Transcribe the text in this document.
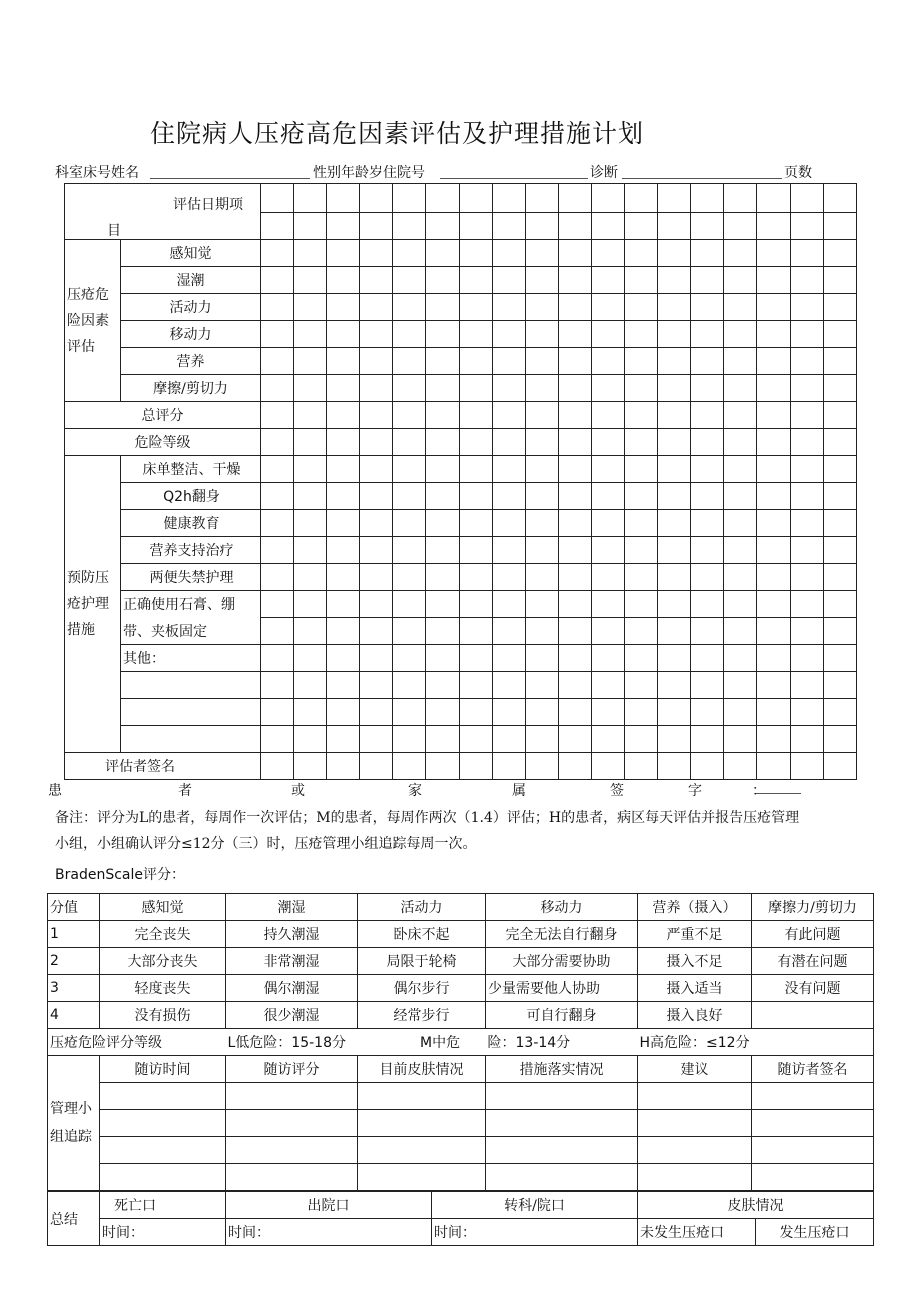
住院病人压疮高危因素评估及护理措施计划
科室床号姓名	性别年龄岁住院号	诊断	页数
评估日期项
目																			

压疮危险因素评估	感知觉																		
	湿潮																		
	活动力																		
	移动力																		
	营养																		
	摩擦/剪切力																		
总评分																			
危险等级																			
预防压疮护理措施	床单整洁、干燥																		
	Q2h翻身																		
	健康教育																		
	营养支持治疗																		
	两便失禁护理																		
	正确使用石膏、绷																		
	带、夹板固定																		
	其他：																		

评估者签名																			
患	者	或	家	属	签	字	：
备注：评分为L的患者，每周作一次评估；M的患者，每周作两次（1.4）评估；H的患者，病区每天评估并报告压疮管理
小组，小组确认评分≤12分（三）时，压疮管理小组追踪每周一次。
BradenScale评分：
分值	感知觉	潮湿	活动力	移动力	营养（摄入）	摩擦力/剪切力
1	完全丧失	持久潮湿	卧床不起	完全无法自行翻身	严重不足	有此问题
2	大部分丧失	非常潮湿	局限于轮椅	大部分需要协助	摄入不足	有潜在问题
3	轻度丧失	偶尔潮湿	偶尔步行	少量需要他人协助	摄入适当	没有问题
4	没有损伤	很少潮湿	经常步行	可自行翻身	摄入良好	
压疮危险评分等级		L低危险：15-18分 M中危		险：13-14分	H高危险：≤12分	
管理小组追踪	随访时间	随访评分	目前皮肤情况	措施落实情况	建议	随访者签名

总结	死亡口	出院口	转科/院口	皮肤情况	
	时间：	时间：	时间：	未发生压疮口	发生压疮口
